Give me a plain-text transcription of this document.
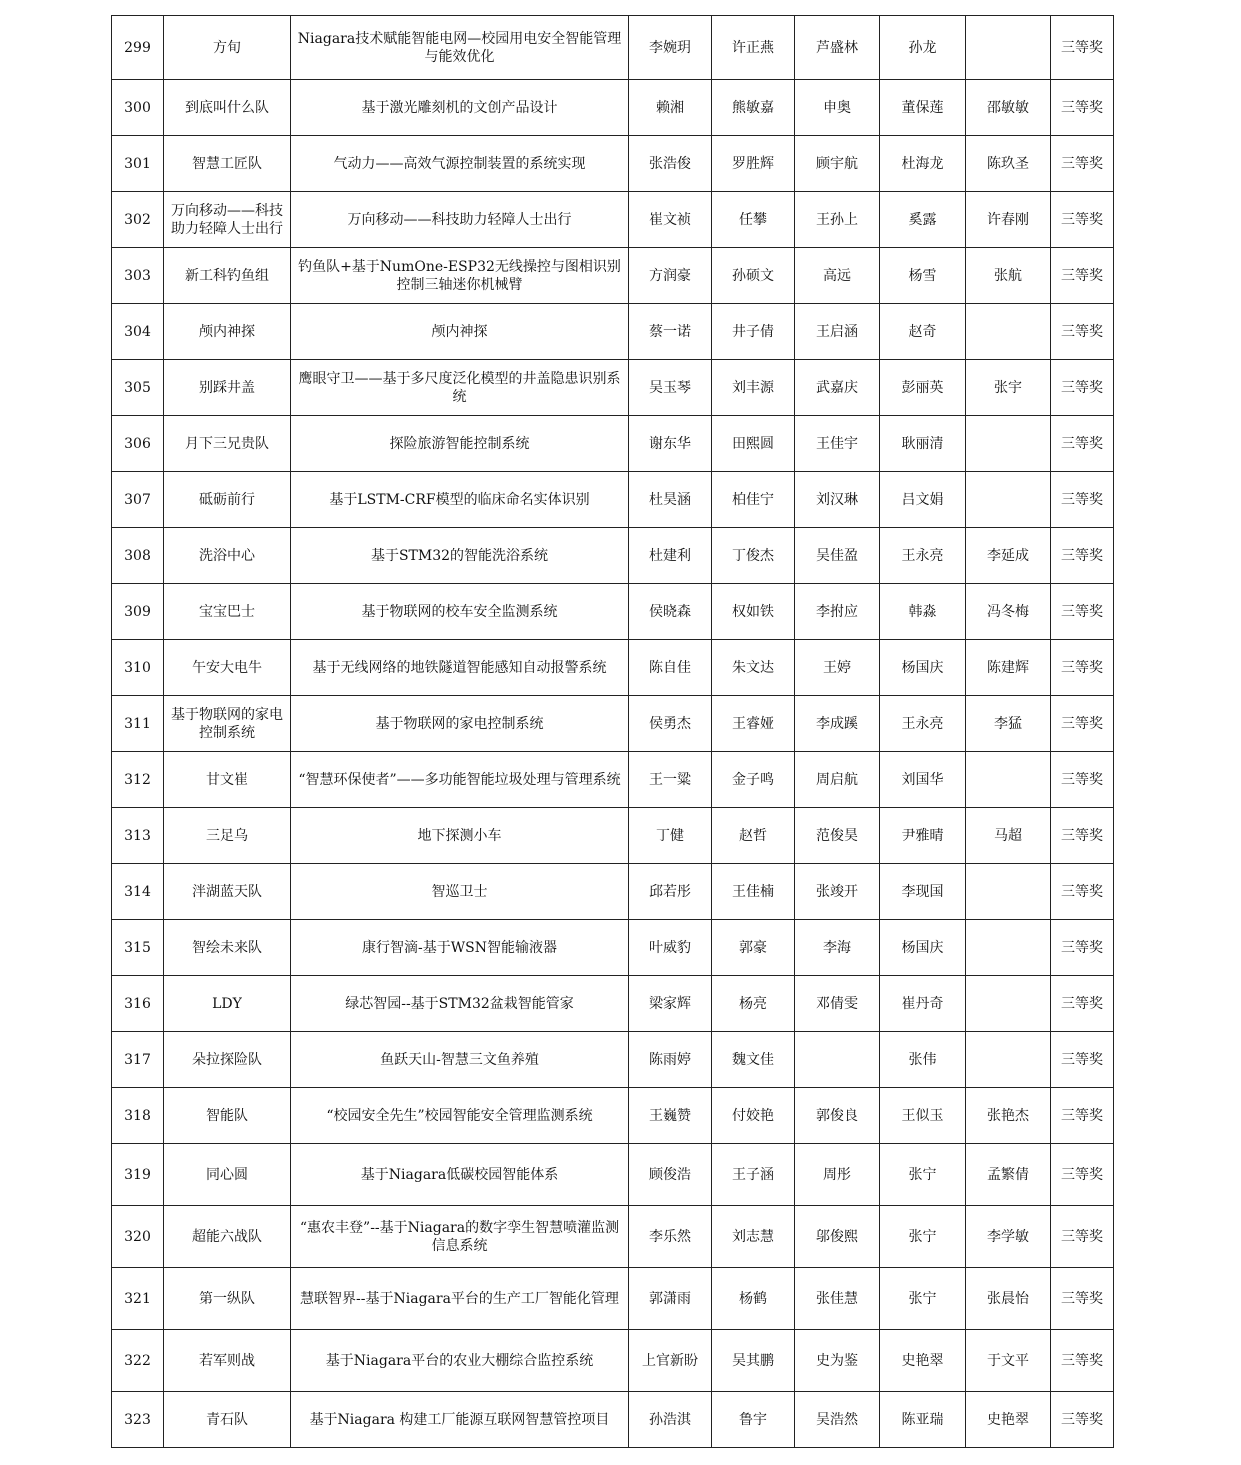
299	方旬	Niagara技术赋能智能电网—校园用电安全智能管理与能效优化	李婉玥	许正燕	芦盛林	孙龙		三等奖
300	到底叫什么队	基于激光雕刻机的文创产品设计	赖湘	熊敏嘉	申奥	董保莲	邵敏敏	三等奖
301	智慧工匠队	气动力——高效气源控制装置的系统实现	张浩俊	罗胜辉	顾宇航	杜海龙	陈玖圣	三等奖
302	万向移动——科技助力轻障人士出行	万向移动——科技助力轻障人士出行	崔文祯	任攀	王孙上	奚露	许春刚	三等奖
303	新工科钓鱼组	钓鱼队+基于NumOne-ESP32无线操控与图相识别控制三轴迷你机械臂	方润豪	孙硕文	高远	杨雪	张航	三等奖
304	颅内神探	颅内神探	蔡一诺	井子倩	王启涵	赵奇		三等奖
305	别踩井盖	鹰眼守卫——基于多尺度泛化模型的井盖隐患识别系统	吴玉琴	刘丰源	武嘉庆	彭丽英	张宇	三等奖
306	月下三兄贵队	探险旅游智能控制系统	谢东华	田熙圆	王佳宇	耿丽清		三等奖
307	砥砺前行	基于LSTM-CRF模型的临床命名实体识别	杜昊涵	柏佳宁	刘汉琳	吕文娟		三等奖
308	洗浴中心	基于STM32的智能洗浴系统	杜建利	丁俊杰	吴佳盈	王永亮	李延成	三等奖
309	宝宝巴士	基于物联网的校车安全监测系统	侯晓森	权如铁	李拊应	韩淼	冯冬梅	三等奖
310	午安大电牛	基于无线网络的地铁隧道智能感知自动报警系统	陈自佳	朱文达	王婷	杨国庆	陈建辉	三等奖
311	基于物联网的家电控制系统	基于物联网的家电控制系统	侯勇杰	王睿娅	李成蹊	王永亮	李猛	三等奖
312	甘文崔	“智慧环保使者”——多功能智能垃圾处理与管理系统	王一粱	金子鸣	周启航	刘国华		三等奖
313	三足乌	地下探测小车	丁健	赵哲	范俊昊	尹雅晴	马超	三等奖
314	泮湖蓝天队	智巡卫士	邱若彤	王佳楠	张竣开	李现国		三等奖
315	智绘未来队	康行智滴-基于WSN智能输液器	叶威豹	郭豪	李海	杨国庆		三等奖
316	LDY	绿芯智园--基于STM32盆栽智能管家	梁家辉	杨亮	邓倩雯	崔丹奇		三等奖
317	朵拉探险队	鱼跃天山-智慧三文鱼养殖	陈雨婷	魏文佳		张伟		三等奖
318	智能队	“校园安全先生”校园智能安全管理监测系统	王巍赞	付姣艳	郭俊良	王似玉	张艳杰	三等奖
319	同心圆	基于Niagara低碳校园智能体系	顾俊浩	王子涵	周彤	张宁	孟繁倩	三等奖
320	超能六战队	“惠农丰登”--基于Niagara的数字孪生智慧喷灌监测信息系统	李乐然	刘志慧	邬俊熙	张宁	李学敏	三等奖
321	第一纵队	慧联智界--基于Niagara平台的生产工厂智能化管理	郭潇雨	杨鹤	张佳慧	张宁	张晨怡	三等奖
322	若军则战	基于Niagara平台的农业大棚综合监控系统	上官新盼	吴其鹏	史为鉴	史艳翠	于文平	三等奖
323	青石队	基于Niagara 构建工厂能源互联网智慧管控项目	孙浩淇	鲁宇	吴浩然	陈亚瑞	史艳翠	三等奖
